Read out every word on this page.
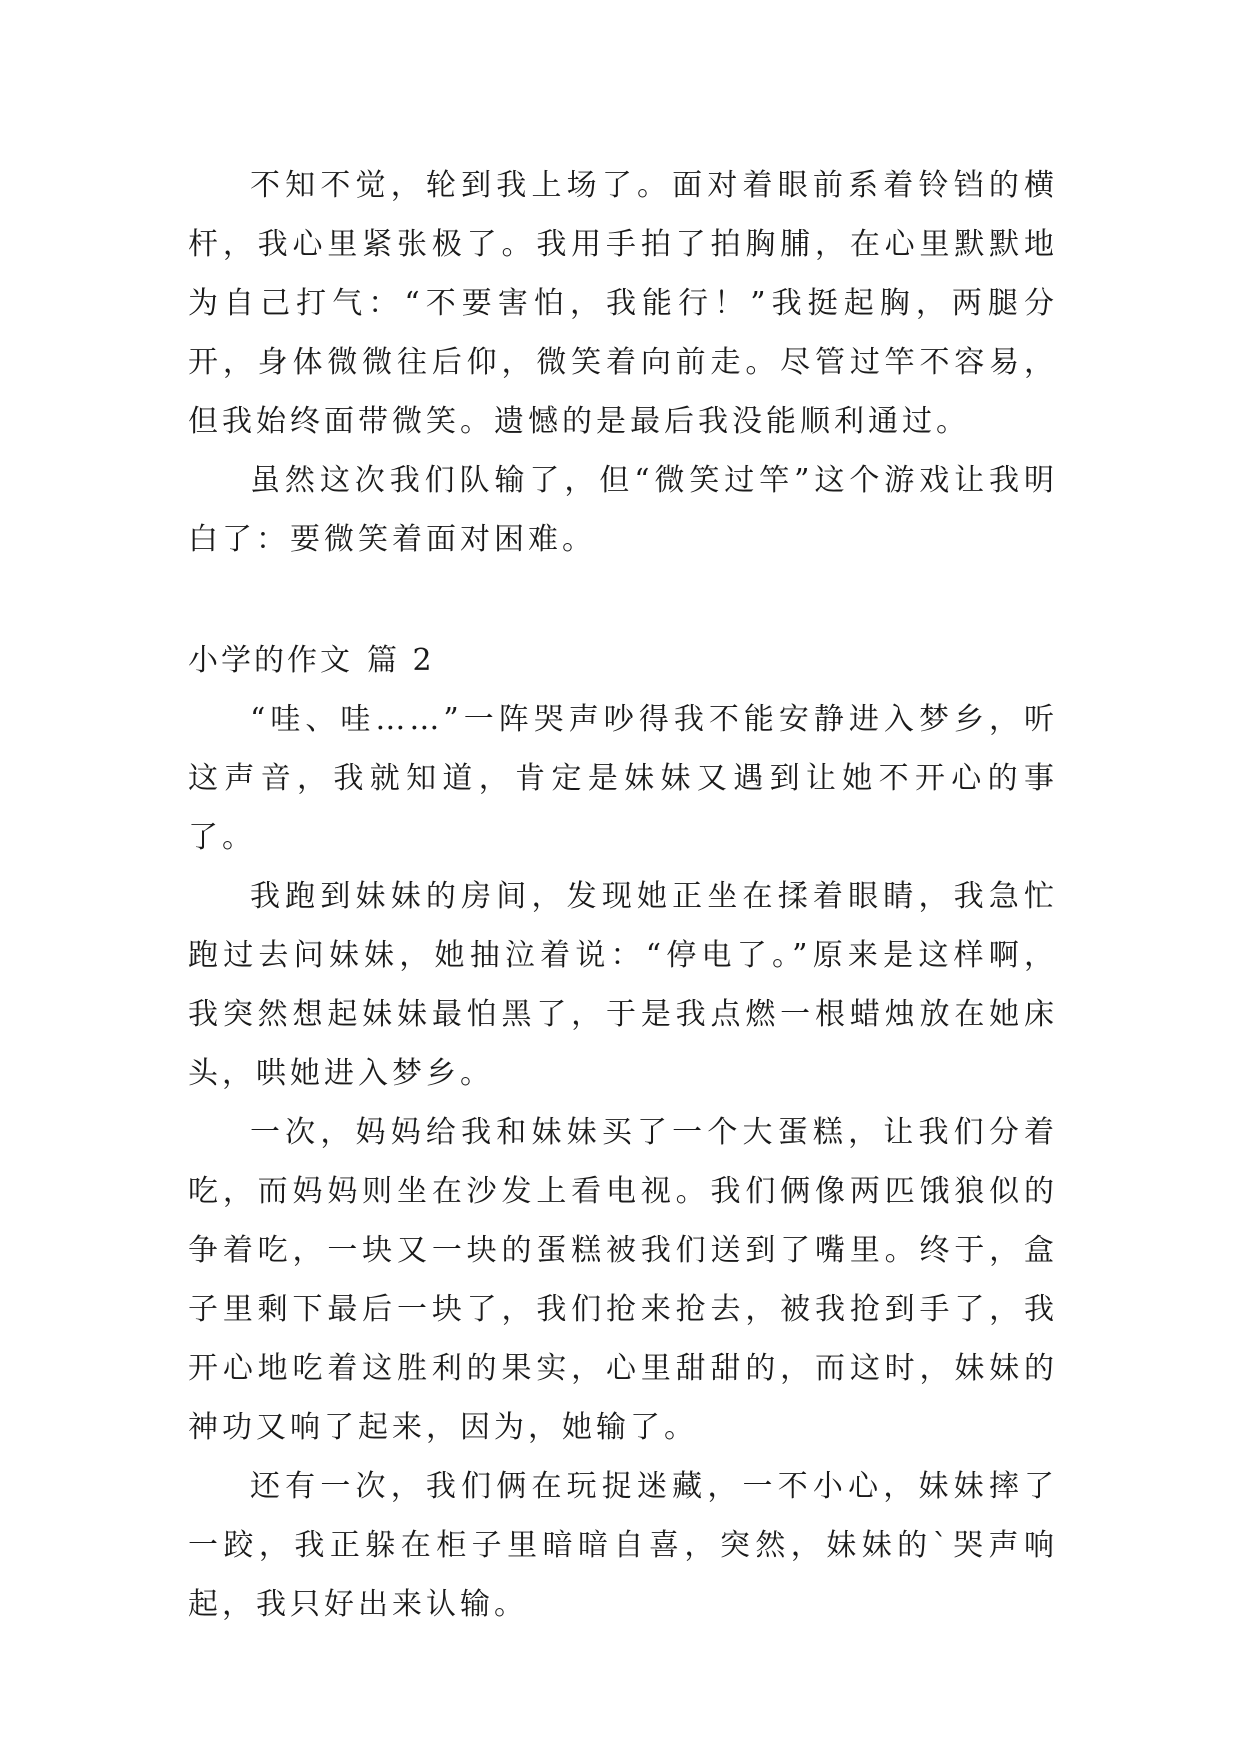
不知不觉，轮到我上场了。面对着眼前系着铃铛的横杆，我心里紧张极了。我用手拍了拍胸脯，在心里默默地为自己打气：“不要害怕，我能行！”我挺起胸，两腿分开，身体微微往后仰，微笑着向前走。尽管过竿不容易，但我始终面带微笑。遗憾的是最后我没能顺利通过。

虽然这次我们队输了，但“微笑过竿”这个游戏让我明白了：要微笑着面对困难。

小学的作文 篇 2

“哇、哇……”一阵哭声吵得我不能安静进入梦乡，听这声音，我就知道，肯定是妹妹又遇到让她不开心的事了。

我跑到妹妹的房间，发现她正坐在揉着眼睛，我急忙跑过去问妹妹，她抽泣着说：“停电了。”原来是这样啊，我突然想起妹妹最怕黑了，于是我点燃一根蜡烛放在她床头，哄她进入梦乡。

一次，妈妈给我和妹妹买了一个大蛋糕，让我们分着吃，而妈妈则坐在沙发上看电视。我们俩像两匹饿狼似的争着吃，一块又一块的蛋糕被我们送到了嘴里。终于，盒子里剩下最后一块了，我们抢来抢去，被我抢到手了，我开心地吃着这胜利的果实，心里甜甜的，而这时，妹妹的神功又响了起来，因为，她输了。

还有一次，我们俩在玩捉迷藏，一不小心，妹妹摔了一跤，我正躲在柜子里暗暗自喜，突然，妹妹的`哭声响起，我只好出来认输。
